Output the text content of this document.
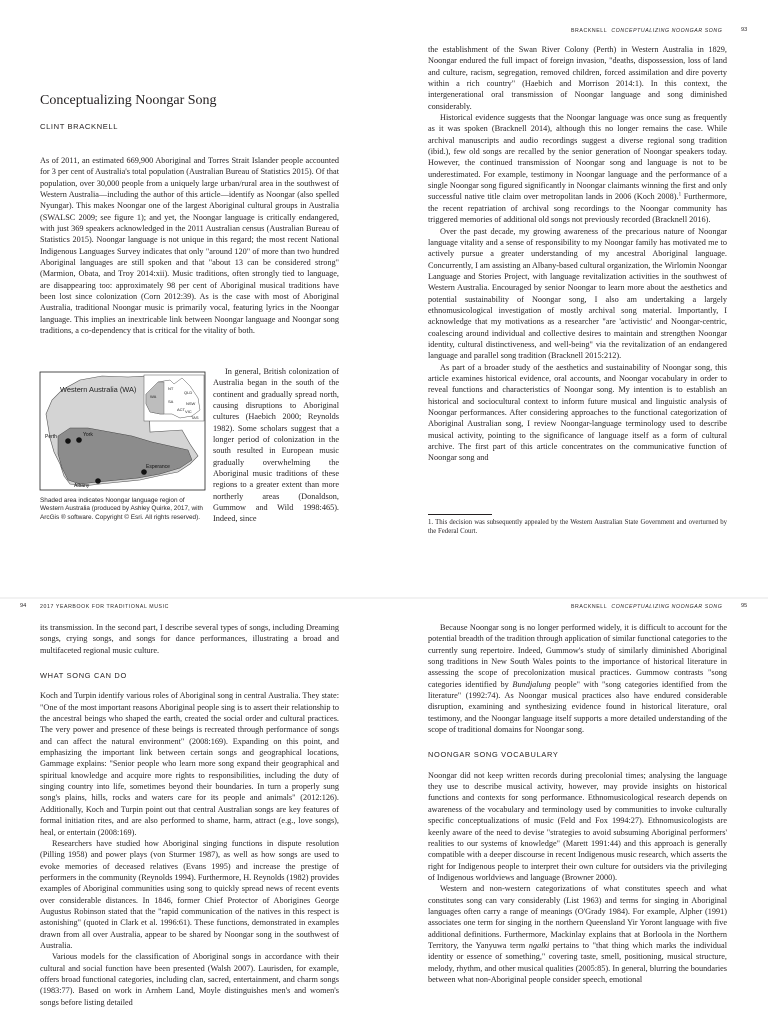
BRACKNELL CONCEPTUALIZING NOONGAR SONG	93
Conceptualizing Noongar Song
CLINT BRACKNELL

As of 2011, an estimated 669,900 Aboriginal and Torres Strait Islander people accounted for 3 per cent of Australia's total population (Australian Bureau of Statistics 2015). Of that population, over 30,000 people from a uniquely large urban/rural area in the southwest of Western Australia—including the author of this article—identify as Noongar (also spelled Nyungar). This makes Noongar one of the largest Aboriginal cultural groups in Australia (SWALSC 2009; see figure 1); and yet, the Noongar language is critically endangered, with just 369 speakers acknowledged in the 2011 Australian census (Australian Bureau of Statistics 2015). Noongar language is not unique in this regard; the most recent National Indigenous Languages Survey indicates that only "around 120" of more than two hundred Aboriginal languages are still spoken and that "about 13 can be considered strong" (Marmion, Obata, and Troy 2014:xii). Music traditions, often strongly tied to language, are disappearing too: approximately 98 per cent of Aboriginal musical traditions have been lost since colonization (Corn 2012:39). As is the case with most of Aboriginal Australia, traditional Noongar music is primarily vocal, featuring lyrics in the Noongar language. This implies an inextricable link between Noongar language and Noongar song traditions, a co-dependency that is critical for the vitality of both.

In general, British colonization of Australia began in the south of the continent and gradually spread north, causing disruptions to Aboriginal cultures (Haebich 2000; Reynolds 1982). Some scholars suggest that a longer period of colonization in the south resulted in European music gradually overwhelming the Aboriginal music traditions of these regions to a greater extent than more northerly areas (Donaldson, Gummow and Wild 1998:465). Indeed, since

Western Australia (WA)
WA
NT
QLD
SA	NSW
ACT VIC
TAS
Perth	York
Esperance
Albany
Shaded area indicates Noongar language region of Western Australia (produced by Ashley Quirke, 2017, with ArcGis ® software. Copyright © Esri. All rights reserved).

the establishment of the Swan River Colony (Perth) in Western Australia in 1829, Noongar endured the full impact of foreign invasion, "deaths, dispossession, loss of land and culture, racism, segregation, removed children, forced assimilation and dire poverty within a rich country" (Haebich and Morrison 2014:1). In this context, the intergenerational oral transmission of Noongar language and song diminished considerably.

Historical evidence suggests that the Noongar language was once sung as frequently as it was spoken (Bracknell 2014), although this no longer remains the case. While archival manuscripts and audio recordings suggest a diverse regional song tradition (ibid.), few old songs are recalled by the senior generation of Noongar speakers today. However, the continued transmission of Noongar song and language is not to be underestimated. For example, testimony in Noongar language and the performance of a single Noongar song figured significantly in Noongar claimants winning the first and only successful native title claim over metropolitan lands in 2006 (Koch 2008).$^1$ Furthermore, the recent repatriation of archival song recordings to the Noongar community has triggered memories of additional old songs not previously recorded (Bracknell 2016).

Over the past decade, my growing awareness of the precarious nature of Noongar language vitality and a sense of responsibility to my Noongar family has motivated me to actively pursue a greater understanding of my ancestral Aboriginal language. Concurrently, I am assisting an Albany-based cultural organization, the Wirlomin Noongar Language and Stories Project, with language revitalization activities in the southwest of Western Australia. Encouraged by senior Noongar to learn more about the aesthetics and potential sustainability of Noongar song, I also am undertaking a largely ethnomusicological investigation of mostly archival song material. Importantly, I acknowledge that my motivations as a researcher "are 'activistic' and Noongar-centric, coalescing around individual and collective desires to maintain and strengthen Noongar identity, cultural distinctiveness, and well-being" via the revitalization of an endangered language and parallel song tradition (Bracknell 2015:212).

As part of a broader study of the aesthetics and sustainability of Noongar song, this article examines historical evidence, oral accounts, and Noongar vocabulary in order to reveal functions and characteristics of Noongar song. My intention is to establish an historical and sociocultural context to inform future musical and linguistic analysis of Noongar performances. After considering approaches to the functional categorization of Aboriginal Australian song, I review Noongar-language terminology used to describe musical activity, pointing to the significance of language itself as a form of cultural archive. The first part of this article concentrates on the communicative function of Noongar song and

1. This decision was subsequently appealed by the Western Australian State Government and overturned by the Federal Court.
94	2017 YEARBOOK FOR TRADITIONAL MUSIC	BRACKNELL CONCEPTUALIZING NOONGAR SONG	95

its transmission. In the second part, I describe several types of songs, including Dreaming songs, crying songs, and songs for dance performances, illustrating a broad and multifaceted regional music culture.

WHAT SONG CAN DO

Koch and Turpin identify various roles of Aboriginal song in central Australia. They state: "One of the most important reasons Aboriginal people sing is to assert their relationship to the ancestral beings who shaped the earth, created the social order and cultural practices. The very power and presence of these beings is recreated through performance of songs and can affect the natural environment" (2008:169). Expanding on this point, and emphasizing the important link between certain songs and geographical locations, Gammage explains: "Senior people who learn more song expand their geographical and spiritual knowledge and acquire more rights to responsibilities, including the duty of singing country into life, sometimes beyond their boundaries. In turn a properly sung song's plains, hills, rocks and waters care for its people and animals" (2012:126). Additionally, Koch and Turpin point out that central Australian songs are key features of formal initiation rites, and are also performed to shame, harm, attract (e.g., love songs), heal, or entertain (2008:169).

Researchers have studied how Aboriginal singing functions in dispute resolution (Pilling 1958) and power plays (von Sturmer 1987), as well as how songs are used to evoke memories of deceased relatives (Evans 1995) and increase the prestige of performers in the community (Reynolds 1994). Furthermore, H. Reynolds (1982) provides examples of Aboriginal communities using song to quickly spread news of recent events over considerable distances. In 1846, former Chief Protector of Aborigines George Augustus Robinson stated that the "rapid communication of the natives in this respect is astonishing" (quoted in Clark et al. 1996:61). These functions, demonstrated in examples drawn from all over Australia, appear to be shared by Noongar song in the southwest of Australia.

Various models for the classification of Aboriginal songs in accordance with their cultural and social function have been presented (Walsh 2007). Laurisden, for example, offers broad functional categories, including clan, sacred, entertainment, and charm songs (1983:77). Based on work in Arnhem Land, Moyle distinguishes men's and women's songs before listing detailed

Because Noongar song is no longer performed widely, it is difficult to account for the potential breadth of the tradition through application of similar functional categories to the currently sung repertoire. Indeed, Gummow's study of similarly diminished Aboriginal song traditions in New South Wales points to the importance of historical literature in assessing the scope of precolonization musical practices. Gummow contrasts "song categories identified by Bundjalung people" with "song categories identified from the literature" (1992:74). As Noongar musical practices also have endured considerable disruption, examining and synthesizing evidence found in historical literature, oral testimony, and the Noongar language itself supports a more detailed understanding of the scope of traditional domains for Noongar song.

NOONGAR SONG VOCABULARY

Noongar did not keep written records during precolonial times; analysing the language they use to describe musical activity, however, may provide insights on historical functions and contexts for song performance. Ethnomusicological research depends on awareness of the vocabulary and terminology used by communities to invoke culturally specific conceptualizations of music (Feld and Fox 1994:27). Ethnomusicologists are keenly aware of the need to devise "strategies to avoid subsuming Aboriginal performers' realities to our systems of knowledge" (Marett 1991:44) and this approach is generally compatible with a deeper discourse in recent Indigenous music research, which asserts the right for Indigenous people to interpret their own culture for outsiders via the privileging of Indigenous worldviews and language (Browner 2000).

Western and non-western categorizations of what constitutes speech and what constitutes song can vary considerably (List 1963) and terms for singing in Aboriginal languages often carry a range of meanings (O'Grady 1984). For example, Alpher (1991) associates one term for singing in the northern Queensland Yir Yoront language with five additional definitions. Furthermore, Mackinlay explains that at Borloola in the Northern Territory, the Yanyuwa term ngalki pertains to "that thing which marks the individual identity or essence of something," covering taste, smell, positioning, musical structure, melody, rhythm, and other musical qualities (2005:85). In general, blurring the boundaries between what non-Aboriginal people consider speech, emotional
